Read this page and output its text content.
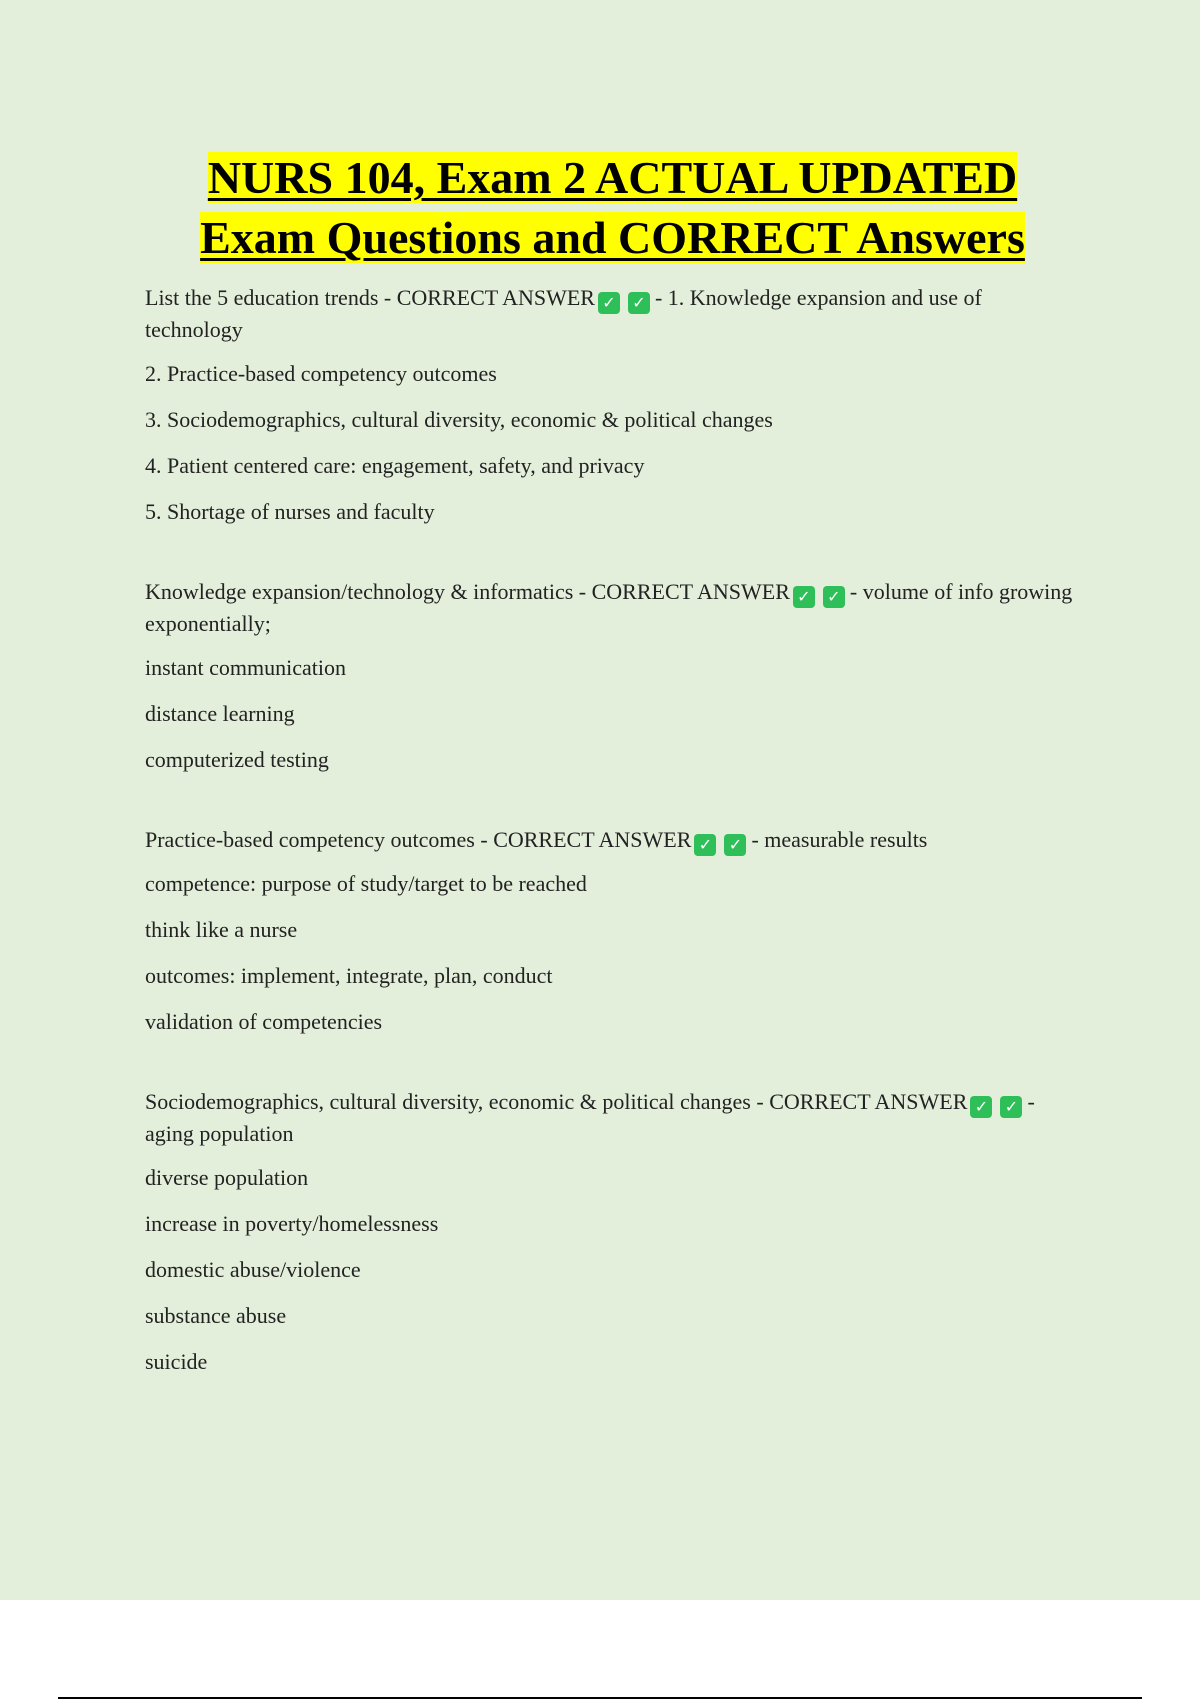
NURS 104, Exam 2 ACTUAL UPDATED
Exam Questions and CORRECT Answers

List the 5 education trends - CORRECT ANSWER ✓ ✓ - 1. Knowledge expansion and use of technology

2. Practice-based competency outcomes

3. Sociodemographics, cultural diversity, economic & political changes

4. Patient centered care: engagement, safety, and privacy

5. Shortage of nurses and faculty

Knowledge expansion/technology & informatics - CORRECT ANSWER ✓ ✓ - volume of info growing exponentially;

instant communication

distance learning

computerized testing

Practice-based competency outcomes - CORRECT ANSWER ✓ ✓ - measurable results

competence: purpose of study/target to be reached

think like a nurse

outcomes: implement, integrate, plan, conduct

validation of competencies

Sociodemographics, cultural diversity, economic & political changes - CORRECT ANSWER ✓ ✓ - aging population

diverse population

increase in poverty/homelessness

domestic abuse/violence

substance abuse

suicide
